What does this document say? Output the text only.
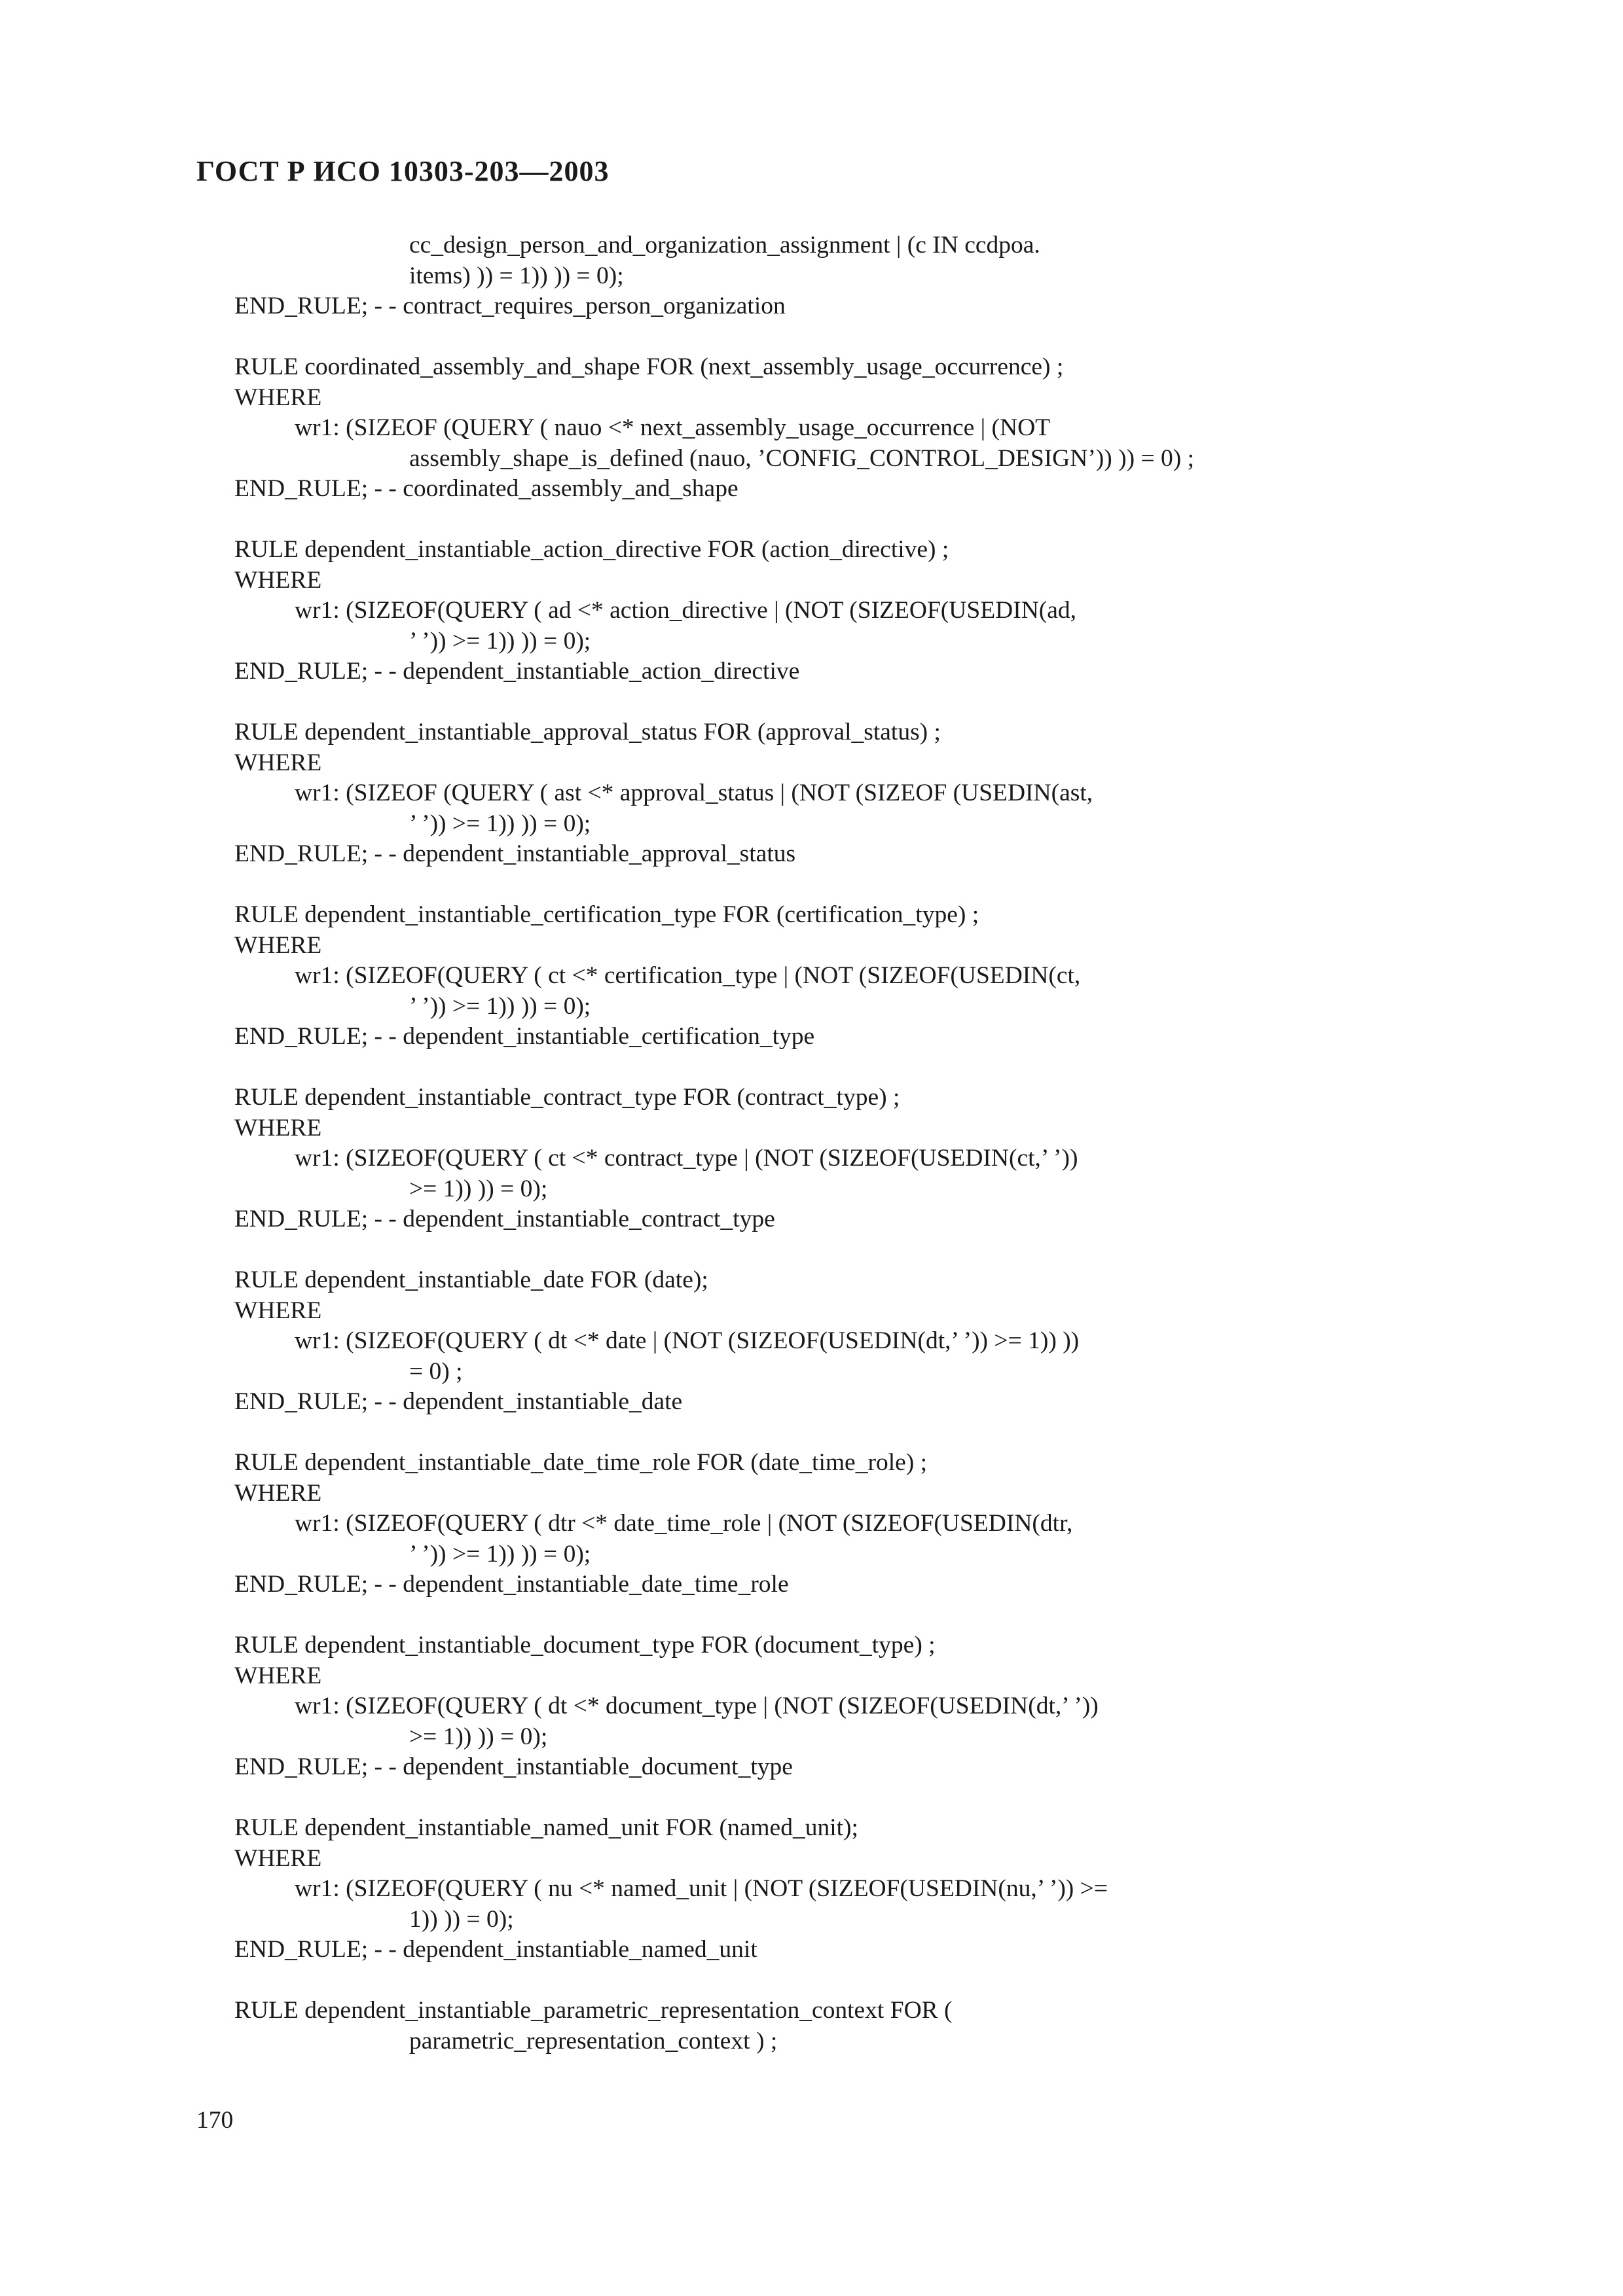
ГОСТ Р ИСО 10303-203—2003
cc_design_person_and_organization_assignment | (c IN ccdpoa.
items) )) = 1)) )) = 0);
END_RULE; - - contract_requires_person_organization
RULE coordinated_assembly_and_shape FOR (next_assembly_usage_occurrence) ;
WHERE
wr1: (SIZEOF (QUERY ( nauo <* next_assembly_usage_occurrence | (NOT
assembly_shape_is_defined (nauo, ’CONFIG_CONTROL_DESIGN’)) )) = 0) ;
END_RULE; - - coordinated_assembly_and_shape
RULE dependent_instantiable_action_directive FOR (action_directive) ;
WHERE
wr1: (SIZEOF(QUERY ( ad <* action_directive | (NOT (SIZEOF(USEDIN(ad,
’ ’)) >= 1)) )) = 0);
END_RULE; - - dependent_instantiable_action_directive
RULE dependent_instantiable_approval_status FOR (approval_status) ;
WHERE
wr1: (SIZEOF (QUERY ( ast <* approval_status | (NOT (SIZEOF (USEDIN(ast,
’ ’)) >= 1)) )) = 0);
END_RULE; - - dependent_instantiable_approval_status
RULE dependent_instantiable_certification_type FOR (certification_type) ;
WHERE
wr1: (SIZEOF(QUERY ( ct <* certification_type | (NOT (SIZEOF(USEDIN(ct,
’ ’)) >= 1)) )) = 0);
END_RULE; - - dependent_instantiable_certification_type
RULE dependent_instantiable_contract_type FOR (contract_type) ;
WHERE
wr1: (SIZEOF(QUERY ( ct <* contract_type | (NOT (SIZEOF(USEDIN(ct,’ ’))
>= 1)) )) = 0);
END_RULE; - - dependent_instantiable_contract_type
RULE dependent_instantiable_date FOR (date);
WHERE
wr1: (SIZEOF(QUERY ( dt <* date | (NOT (SIZEOF(USEDIN(dt,’ ’)) >= 1)) ))
= 0) ;
END_RULE; - - dependent_instantiable_date
RULE dependent_instantiable_date_time_role FOR (date_time_role) ;
WHERE
wr1: (SIZEOF(QUERY ( dtr <* date_time_role | (NOT (SIZEOF(USEDIN(dtr,
’ ’)) >= 1)) )) = 0);
END_RULE; - - dependent_instantiable_date_time_role
RULE dependent_instantiable_document_type FOR (document_type) ;
WHERE
wr1: (SIZEOF(QUERY ( dt <* document_type | (NOT (SIZEOF(USEDIN(dt,’ ’))
>= 1)) )) = 0);
END_RULE; - - dependent_instantiable_document_type
RULE dependent_instantiable_named_unit FOR (named_unit);
WHERE
wr1: (SIZEOF(QUERY ( nu <* named_unit | (NOT (SIZEOF(USEDIN(nu,’ ’)) >=
1)) )) = 0);
END_RULE; - - dependent_instantiable_named_unit
RULE dependent_instantiable_parametric_representation_context FOR (
parametric_representation_context ) ;
170
